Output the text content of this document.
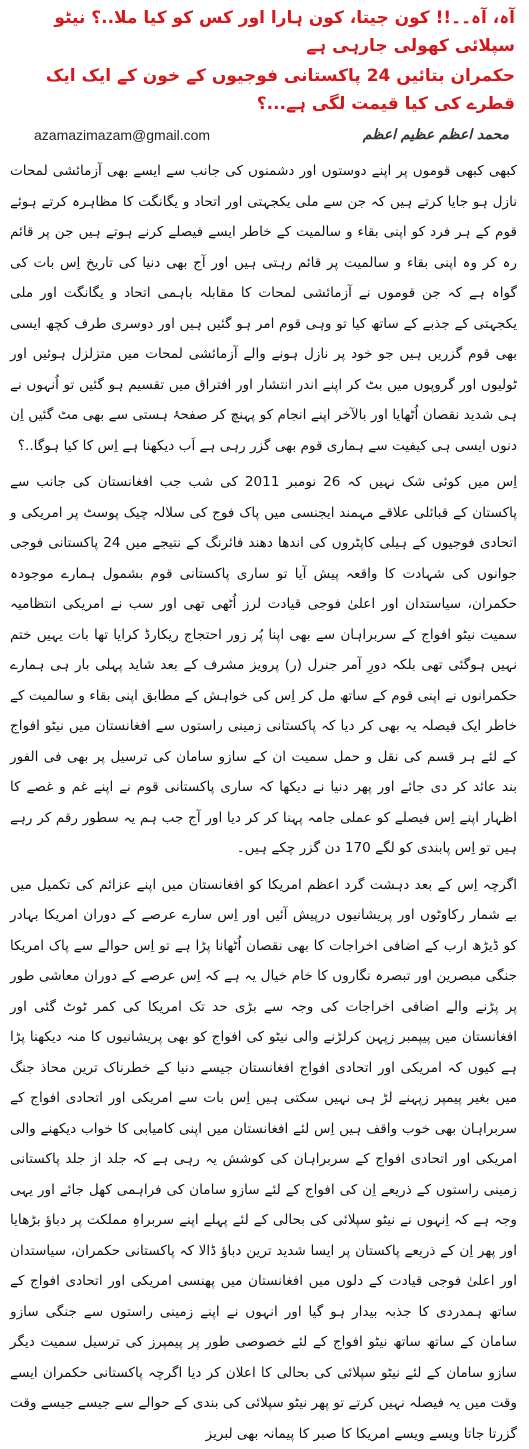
آہ، آہ۔۔!! کون جیتا، کون ہارا اور کس کو کیا ملا..؟ نیٹو سپلائی کھولی جارہی ہے
حکمران بتائیں 24 پاکستانی فوجیوں کے خون کے ایک ایک قطرے کی کیا قیمت لگی ہے...؟
azamazimazam@gmail.com	محمد اعظم عظیم اعظم

کبھی کبھی قوموں پر اپنے دوستوں اور دشمنوں کی جانب سے ایسے بھی آزمائشی لمحات نازل ہو جایا کرتے ہیں کہ جن سے ملی یکجہتی اور اتحاد و یگانگت کا مظاہرہ کرتے ہوئے قوم کے ہر فرد کو اپنی بقاء و سالمیت کے خاطر ایسے فیصلے کرنے ہوتے ہیں جن پر قائم رہ کر وہ اپنی بقاء و سالمیت پر قائم رہتی ہیں اور آج بھی دنیا کی تاریخ اِس بات کی گواہ ہے کہ جن قوموں نے آزمائشی لمحات کا مقابلہ باہمی اتحاد و یگانگت اور ملی یکجہتی کے جذبے کے ساتھ کیا تو وہی قوم امر ہو گئیں ہیں اور دوسری طرف کچھ ایسی بھی قوم گزریں ہیں جو خود پر نازل ہونے والے آزمائشی لمحات میں متزلزل ہوئیں اور ٹولیوں اور گروپوں میں بٹ کر اپنے اندر انتشار اور افتراق میں تقسیم ہو گئیں تو اُنہوں نے ہی شدید نقصان اُٹھایا اور بالآخر اپنے انجام کو پہنچ کر صفحۂ ہستی سے بھی مٹ گئیں اِن دنوں ایسی ہی کیفیت سے ہماری قوم بھی گزر رہی ہے اَب دیکھنا ہے اِس کا کیا ہوگا..؟

اِس میں کوئی شک نہیں کہ 26 نومبر 2011 کی شب جب افغانستان کی جانب سے پاکستان کے قبائلی علاقے مہمند ایجنسی میں پاک فوج کی سلالہ چیک پوسٹ پر امریکی و اتحادی فوجیوں کے ہیلی کاپٹروں کی اندھا دھند فائرنگ کے نتیجے میں 24 پاکستانی فوجی جوانوں کی شہادت کا واقعہ پیش آیا تو ساری پاکستانی قوم بشمول ہمارے موجودہ حکمران، سیاستدان اور اعلیٰ فوجی قیادت لرز اُٹھی تھی اور سب نے امریکی انتظامیہ سمیت نیٹو افواج کے سربراہان سے بھی اپنا پُر زور احتجاج ریکارڈ کرایا تھا بات یہیں ختم نہیں ہوگئی تھی بلکہ دورِ آمر جنرل (ر) پرویز مشرف کے بعد شاید پہلی بار ہی ہمارے حکمرانوں نے اپنی قوم کے ساتھ مل کر اِس کی خواہش کے مطابق اپنی بقاء و سالمیت کے خاطر ایک فیصلہ یہ بھی کر دیا کہ پاکستانی زمینی راستوں سے افغانستان میں نیٹو افواج کے لئے ہر قسم کی نقل و حمل سمیت ان کے سازو سامان کی ترسیل پر بھی فی الفور بند عائد کر دی جائے اور پھر دنیا نے دیکھا کہ ساری پاکستانی قوم نے اپنے غم و غصے کا اظہار اپنے اِس فیصلے کو عملی جامہ پہنا کر کر دیا اور آج جب ہم یہ سطور رقم کر رہے ہیں تو اِس پابندی کو لگے 170 دن گزر چکے ہیں۔

اگرچہ اِس کے بعد دہشت گرد اعظم امریکا کو افغانستان میں اپنے عزائم کی تکمیل میں بے شمار رکاوٹوں اور پریشانیوں درپیش آئیں اور اِس سارے عرصے کے دوران امریکا بہادر کو ڈیڑھ ارب کے اضافی اخراجات کا بھی نقصان اُٹھانا پڑا ہے تو اِس حوالے سے پاک امریکا جنگی مبصرین اور تبصرہ نگاروں کا خام خیال یہ ہے کہ اِس عرصے کے دوران معاشی طور پر پڑنے والے اضافی اخراجات کی وجہ سے بڑی حد تک امریکا کی کمر ٹوٹ گئی اور افغانستان میں پیپمبر زپہن کرلڑنے والی نیٹو کی افواج کو بھی پریشانیوں کا منہ دیکھنا پڑا ہے کیوں کہ امریکی اور اتحادی افواج افغانستان جیسے دنیا کے خطرناک ترین محاذ جنگ میں بغیر پیمپر زپہنے لڑ ہی نہیں سکتی ہیں اِس بات سے امریکی اور اتحادی افواج کے سربراہان بھی خوب واقف ہیں اِس لئے افغانستان میں اپنی کامیابی کا خواب دیکھنے والی امریکی اور اتحادی افواج کے سربراہان کی کوشش یہ رہی ہے کہ جلد از جلد پاکستانی زمینی راستوں کے ذریعے اِن کی افواج کے لئے سازو سامان کی فراہمی کھل جائے اور یہی وجہ ہے کہ اِنہوں نے نیٹو سپلائی کی بحالی کے لئے پہلے اپنے سربراہِ مملکت پر دباؤ بڑھایا اور پھر اِن کے ذریعے پاکستان پر ایسا شدید ترین دباؤ ڈالا کہ پاکستانی حکمران، سیاستدان اور اعلیٰ فوجی قیادت کے دلوں میں افغانستان میں پھنسی امریکی اور اتحادی افواج کے ساتھ ہمدردی کا جذبہ بیدار ہو گیا اور انہوں نے اپنے زمینی راستوں سے جنگی سازو سامان کے ساتھ ساتھ نیٹو افواج کے لئے خصوصی طور پر پیمپرز کی ترسیل سمیت دیگر سازو سامان کے لئے نیٹو سپلائی کی بحالی کا اعلان کر دیا اگرچہ پاکستانی حکمران ایسے وقت میں یہ فیصلہ نہیں کرتے تو پھر نیٹو سپلائی کی بندی کے حوالے سے جیسے جیسے وقت گزرتا جاتا ویسے ویسے امریکا کا صبر کا پیمانہ بھی لبریز
